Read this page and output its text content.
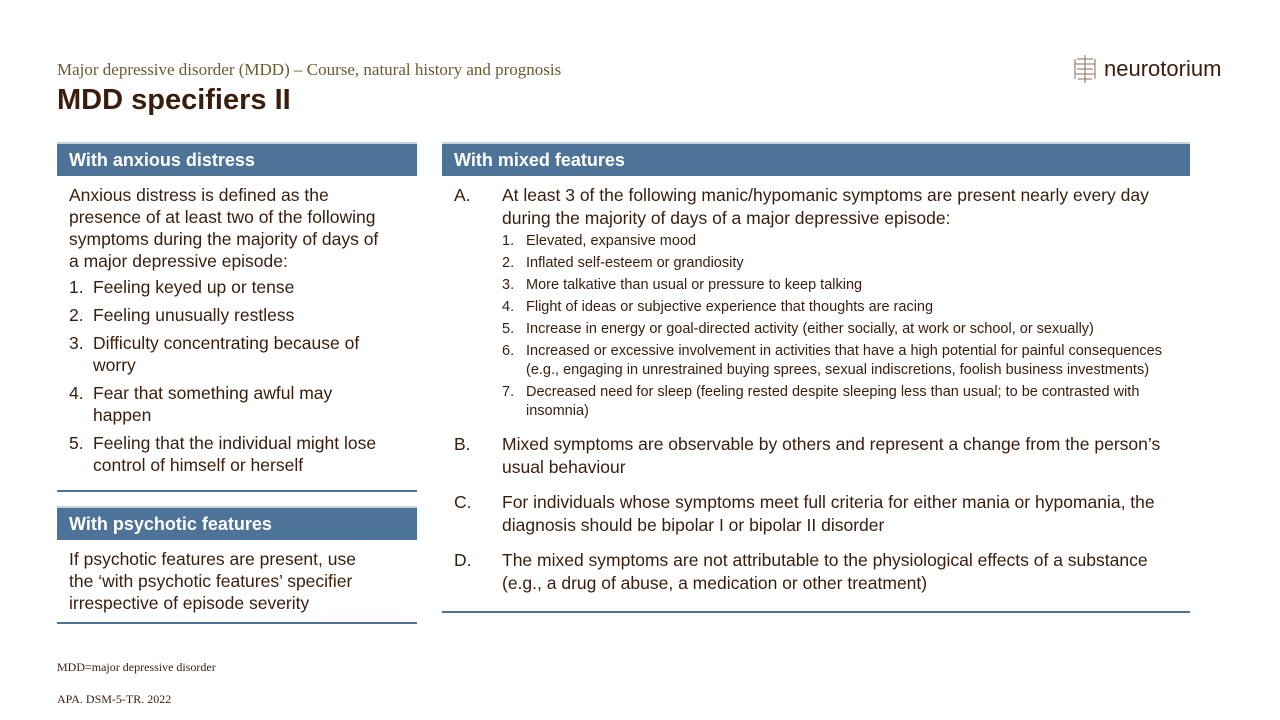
Major depressive disorder (MDD) – Course, natural history and prognosis
MDD specifiers II
neurotorium
With anxious distress
Anxious distress is defined as the presence of at least two of the following symptoms during the majority of days of a major depressive episode:
1. Feeling keyed up or tense
2. Feeling unusually restless
3. Difficulty concentrating because of worry
4. Fear that something awful may happen
5. Feeling that the individual might lose control of himself or herself
With psychotic features
If psychotic features are present, use the ‘with psychotic features’ specifier irrespective of episode severity
With mixed features
A. At least 3 of the following manic/hypomanic symptoms are present nearly every day during the majority of days of a major depressive episode:
1. Elevated, expansive mood
2. Inflated self-esteem or grandiosity
3. More talkative than usual or pressure to keep talking
4. Flight of ideas or subjective experience that thoughts are racing
5. Increase in energy or goal-directed activity (either socially, at work or school, or sexually)
6. Increased or excessive involvement in activities that have a high potential for painful consequences (e.g., engaging in unrestrained buying sprees, sexual indiscretions, foolish business investments)
7. Decreased need for sleep (feeling rested despite sleeping less than usual; to be contrasted with insomnia)
B. Mixed symptoms are observable by others and represent a change from the person’s usual behaviour
C. For individuals whose symptoms meet full criteria for either mania or hypomania, the diagnosis should be bipolar I or bipolar II disorder
D. The mixed symptoms are not attributable to the physiological effects of a substance (e.g., a drug of abuse, a medication or other treatment)
MDD=major depressive disorder
APA. DSM-5-TR. 2022
